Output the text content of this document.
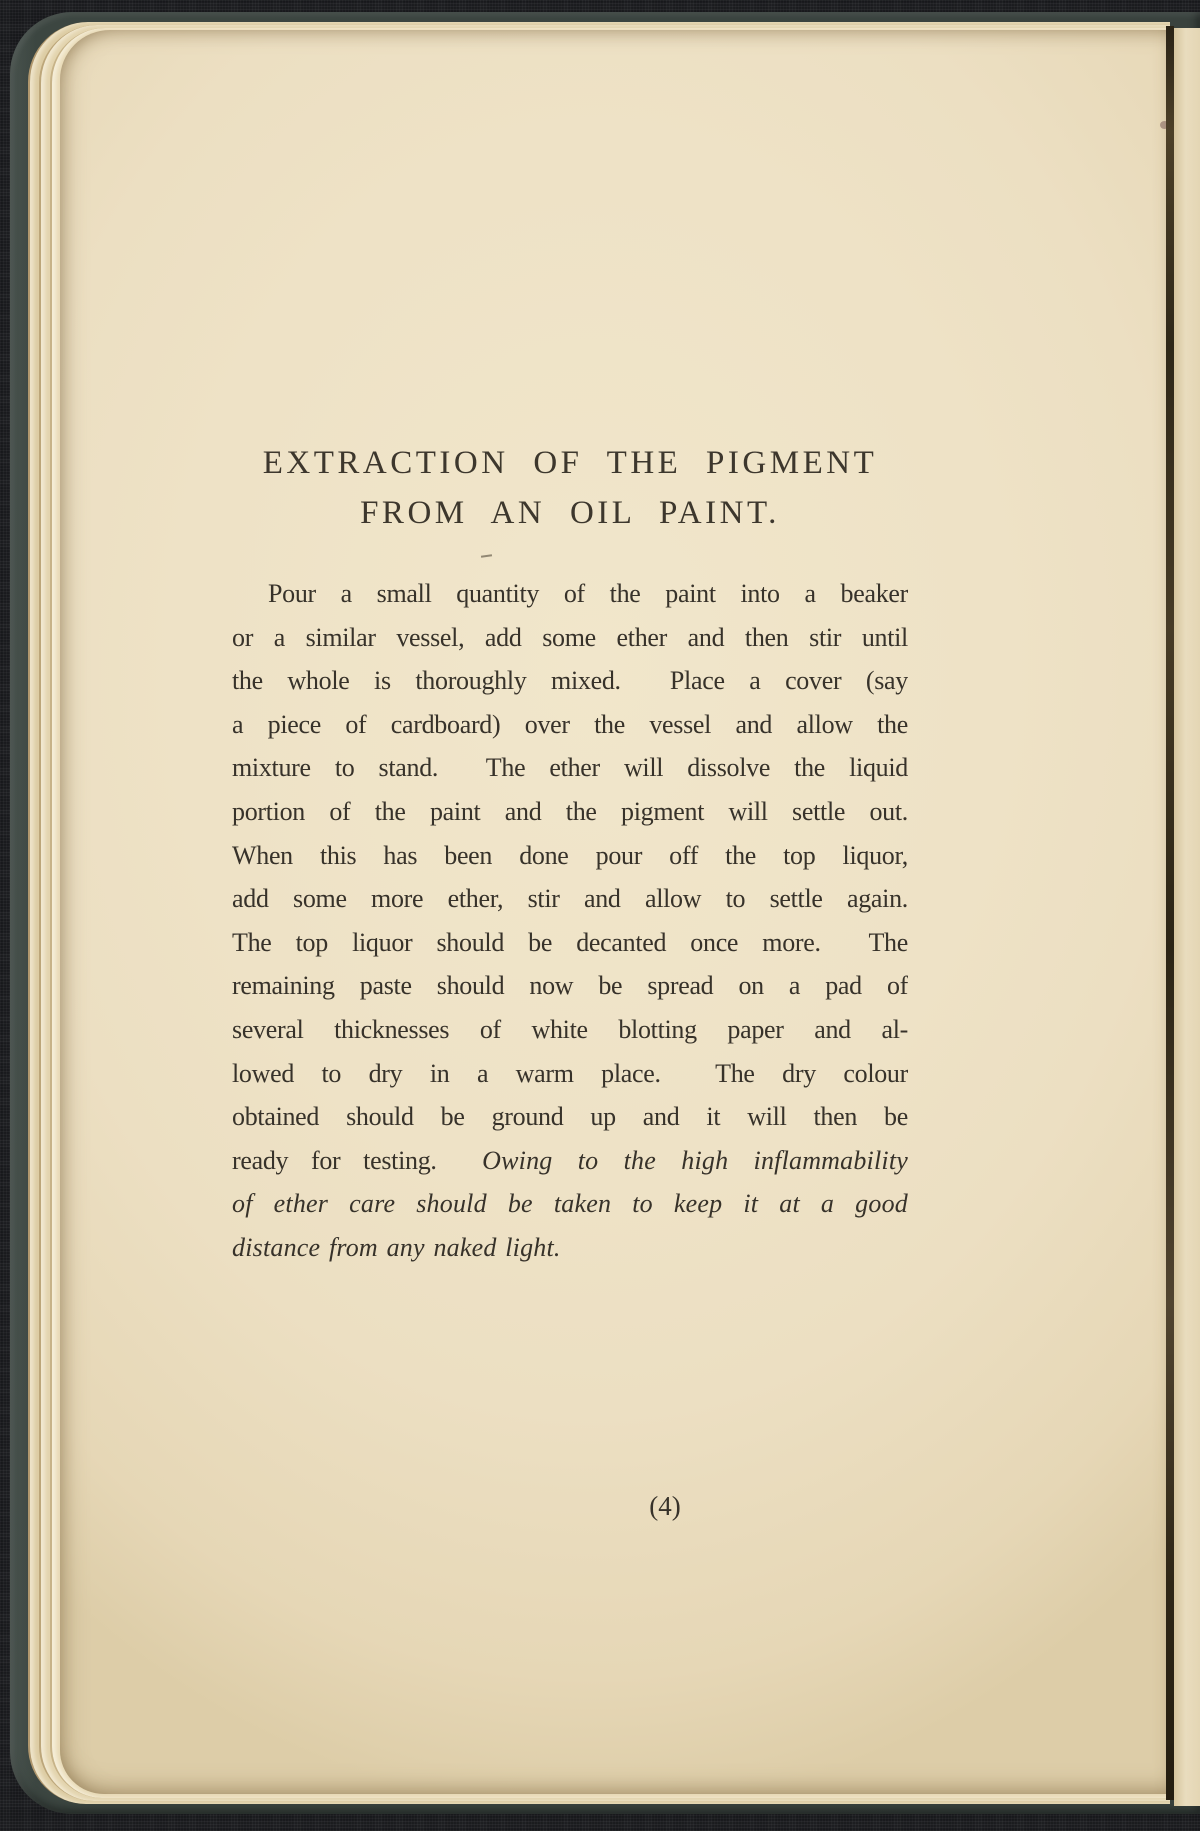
EXTRACTION OF THE PIGMENT
FROM AN OIL PAINT.
Pour a small quantity of the paint into a beaker
or a similar vessel, add some ether and then stir until
the whole is thoroughly mixed.  Place a cover (say
a piece of cardboard) over the vessel and allow the
mixture to stand.  The ether will dissolve the liquid
portion of the paint and the pigment will settle out.
When this has been done pour off the top liquor,
add some more ether, stir and allow to settle again.
The top liquor should be decanted once more.  The
remaining paste should now be spread on a pad of
several thicknesses of white blotting paper and al-
lowed to dry in a warm place.  The dry colour
obtained should be ground up and it will then be
ready for testing.  Owing to the high inflammability
of ether care should be taken to keep it at a good
distance from any naked light.
(4)
